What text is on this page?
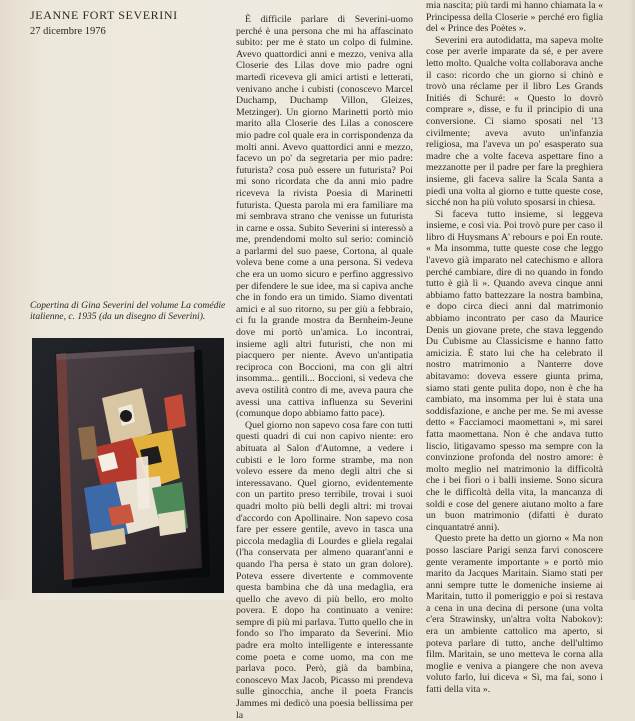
JEANNE FORT SEVERINI
27 dicembre 1976
Copertina di Gina Severini del volume La comédie italienne, c. 1935 (da un disegno di Severini).

È difficile parlare di Severini-uomo perché è una persona che mi ha affascinato subito: per me è stato un colpo di fulmine. Avevo quattordici anni e mezzo, veniva alla Closerie des Lilas dove mio padre ogni martedì riceveva gli amici artisti e letterati, venivano anche i cubisti (conoscevo Marcel Duchamp, Duchamp Villon, Gleizes, Metzinger). Un giorno Marinetti portò mio marito alla Closerie des Lilas a conoscere mio padre col quale era in corrispondenza da molti anni. Avevo quattordici anni e mezzo, facevo un po' da segretaria per mio padre: futurista? cosa può essere un futurista? Poi mi sono ricordata che da anni mio padre riceveva la rivista Poesia di Marinetti futurista. Questa parola mi era familiare ma mi sembrava strano che venisse un futurista in carne e ossa. Subito Severini si interessò a me, prendendomi molto sul serio: cominciò a parlarmi del suo paese, Cortona, al quale voleva bene come a una persona. Si vedeva che era un uomo sicuro e perfino aggressivo per difendere le sue idee, ma si capiva anche che in fondo era un timido. Siamo diventati amici e al suo ritorno, su per giù a febbraio, ci fu la grande mostra da Bernheim-Jeune dove mi portò un'amica. Lo incontrai, insieme agli altri futuristi, che non mi piacquero per niente. Avevo un'antipatia reciproca con Boccioni, ma con gli altri insomma... gentili... Boccioni, si vedeva che aveva ostilità contro di me, aveva paura che avessi una cattiva influenza su Severini (comunque dopo abbiamo fatto pace).

Quel giorno non sapevo cosa fare con tutti questi quadri di cui non capivo niente: ero abituata al Salon d'Automne, a vedere i cubisti e le loro forme strambe, ma non volevo essere da meno degli altri che si interessavano. Quel giorno, evidentemente con un partito preso terribile, trovai i suoi quadri molto più belli degli altri: mi trovai d'accordo con Apollinaire. Non sapevo cosa fare per essere gentile, avevo in tasca una piccola medaglia di Lourdes e gliela regalai (l'ha conservata per almeno quarant'anni e quando l'ha persa è stato un gran dolore). Poteva essere divertente e commovente questa bambina che dà una medaglia, era quello che avevo di più bello, ero molto povera. E dopo ha continuato a venire: sempre di più mi parlava. Tutto quello che in fondo so l'ho imparato da Severini. Mio padre era molto intelligente e interessante come poeta e come uomo, ma con me parlava poco. Però, già da bambina, conoscevo Max Jacob, Picasso mi prendeva sulle ginocchia, anche il poeta Francis Jammes mi dedicò una poesia bellissima per la

mia nascita; più tardi mi hanno chiamata la « Principessa della Closerie » perché ero figlia del « Prince des Poètes ».

Severini era autodidatta, ma sapeva molte cose per averle imparate da sé, e per avere letto molto. Qualche volta collaborava anche il caso: ricordo che un giorno si chinò e trovò una réclame per il libro Les Grands Initiés di Schuré: « Questo lo dovrò comprare », disse, e fu il principio di una conversione. Ci siamo sposati nel '13 civilmente; aveva avuto un'infanzia religiosa, ma l'aveva un po' esasperato sua madre che a volte faceva aspettare fino a mezzanotte per il padre per fare la preghiera insieme, gli faceva salire la Scala Santa a piedi una volta al giorno e tutte queste cose, sicché non ha più voluto sposarsi in chiesa.

Si faceva tutto insieme, si leggeva insieme, e così via. Poi trovò pure per caso il libro di Huysmans A' rebours e poi En route. « Ma insomma, tutte queste cose che leggo l'avevo già imparato nel catechismo e allora perché cambiare, dire di no quando in fondo tutto è già lì ». Quando aveva cinque anni abbiamo fatto battezzare la nostra bambina, e dopo circa dieci anni dal matrimonio abbiamo incontrato per caso da Maurice Denis un giovane prete, che stava leggendo Du Cubisme au Classicisme e hanno fatto amicizia. È stato lui che ha celebrato il nostro matrimonio a Nanterre dove abitavamo: doveva essere giunta prima, siamo stati gente pulita dopo, non è che ha cambiato, ma insomma per lui è stata una soddisfazione, e anche per me. Se mi avesse detto « Facciamoci maomettani », mi sarei fatta maomettana. Non è che andava tutto liscio, litigavamo spesso ma sempre con la convinzione profonda del nostro amore: è molto meglio nel matrimonio la difficoltà che i bei fiori o i balli insieme. Sono sicura che le difficoltà della vita, la mancanza di soldi e cose del genere aiutano molto a fare un buon matrimonio (difatti è durato cinquantatré anni).

Questo prete ha detto un giorno « Ma non posso lasciare Parigi senza farvi conoscere gente veramente importante » e portò mio marito da Jacques Maritain. Siamo stati per anni sempre tutte le domeniche insieme ai Maritain, tutto il pomeriggio e poi si restava a cena in una decina di persone (una volta c'era Strawinsky, un'altra volta Nabokov): era un ambiente cattolico ma aperto, si poteva parlare di tutto, anche dell'ultimo film. Maritain, se uno metteva le corna alla moglie e veniva a piangere che non aveva voluto farlo, lui diceva « Sì, ma fai, sono i fatti della vita ».
